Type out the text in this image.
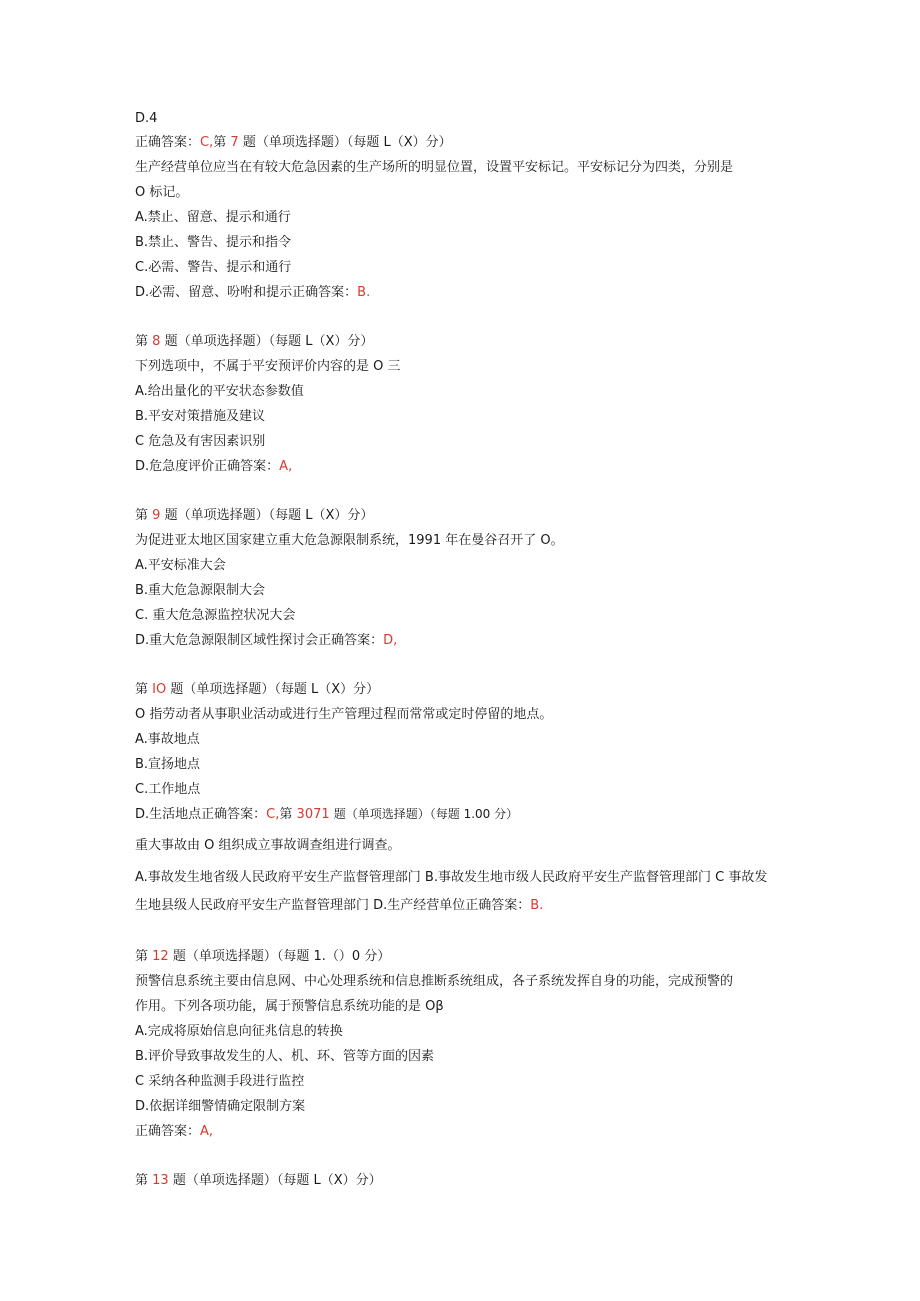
D.4
正确答案：C,第 7 题（单项选择题）（每题 L（X）分）
生产经营单位应当在有较大危急因素的生产场所的明显位置，设置平安标记。平安标记分为四类，分别是
O 标记。
A.禁止、留意、提示和通行
B.禁止、警告、提示和指令
C.必需、警告、提示和通行
D.必需、留意、吩咐和提示正确答案：B.
第 8 题（单项选择题）（每题 L（X）分）
下列选项中，不属于平安预评价内容的是 O 三
A.给出量化的平安状态参数值
B.平安对策措施及建议
C 危急及有害因素识别
D.危急度评价正确答案：A,
第 9 题（单项选择题）（每题 L（X）分）
为促进亚太地区国家建立重大危急源限制系统，1991 年在曼谷召开了 O。
A.平安标准大会
B.重大危急源限制大会
C. 重大危急源监控状况大会
D.重大危急源限制区域性探讨会正确答案：D,
第 IO 题（单项选择题）（每题 L（X）分）
O 指劳动者从事职业活动或进行生产管理过程而常常或定时停留的地点。
A.事故地点
B.宣扬地点
C.工作地点
D.生活地点正确答案：C,第 3071 题（单项选择题）（每题 1.00 分）
重大事故由 O 组织成立事故调查组进行调查。
A.事故发生地省级人民政府平安生产监督管理部门 B.事故发生地市级人民政府平安生产监督管理部门 C 事故发生地县级人民政府平安生产监督管理部门 D.生产经营单位正确答案：B.
第 12 题（单项选择题）（每题 1.（）0 分）
预警信息系统主要由信息网、中心处理系统和信息推断系统组成，各子系统发挥自身的功能，完成预警的
作用。下列各项功能，属于预警信息系统功能的是 Oβ
A.完成将原始信息向征兆信息的转换
B.评价导致事故发生的人、机、环、管等方面的因素
C 采纳各种监测手段进行监控
D.依据详细警情确定限制方案
正确答案：A,
第 13 题（单项选择题）（每题 L（X）分）
